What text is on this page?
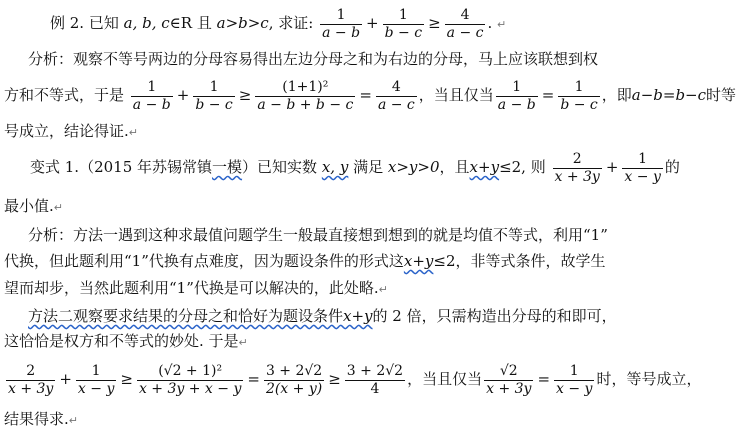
例 2. 已知 a, b, c∈R 且 a>b>c, 求证: $\frac{1}{a - b} + \frac{1}{b - c} \ge \frac{4}{a - c}$ . ↵
分析：观察不等号两边的分母容易得出左边分母之和为右边的分母，马上应该联想到权
方和不等式，于是 $\frac{1}{a - b} + \frac{1}{b - c} \ge \frac{\text{(1+1)²}}{a - b + b - c} = \frac{4}{a - c}$ ，当且仅当 $\frac{1}{a - b} = \frac{1}{b - c}$ ，即a−b=b−c时等
号成立，结论得证.↵
变式 1.（2015 年苏锡常镇一模）已知实数 x, y 满足 x>y>0，且x+y≤2, 则 $\frac{2}{x + 3y} + \frac{1}{x - y}$ 的
最小值.↵
分析：方法一遇到这种求最值问题学生一般最直接想到想到的就是均值不等式，利用“1”
代换，但此题利用“1”代换有点难度，因为题设条件的形式这x+y≤2，非等式条件，故学生
望而却步，当然此题利用“1”代换是可以解决的，此处略.↵
方法二观察要求结果的分母之和恰好为题设条件x+y的 2 倍，只需构造出分母的和即可，
这恰恰是权方和不等式的妙处. 于是↵
$\frac{2}{x + 3y} + \frac{1}{x - y} \ge \frac{\text{(√2 + 1)²}}{x + 3y + x - y} = \frac{3 + 2√2}{2(x + y)} \ge \frac{3 + 2√2}{4}$ ，当且仅当 $\frac{√2}{x + 3y} = \frac{1}{x - y}$ 时，等号成立，
结果得求.↵
